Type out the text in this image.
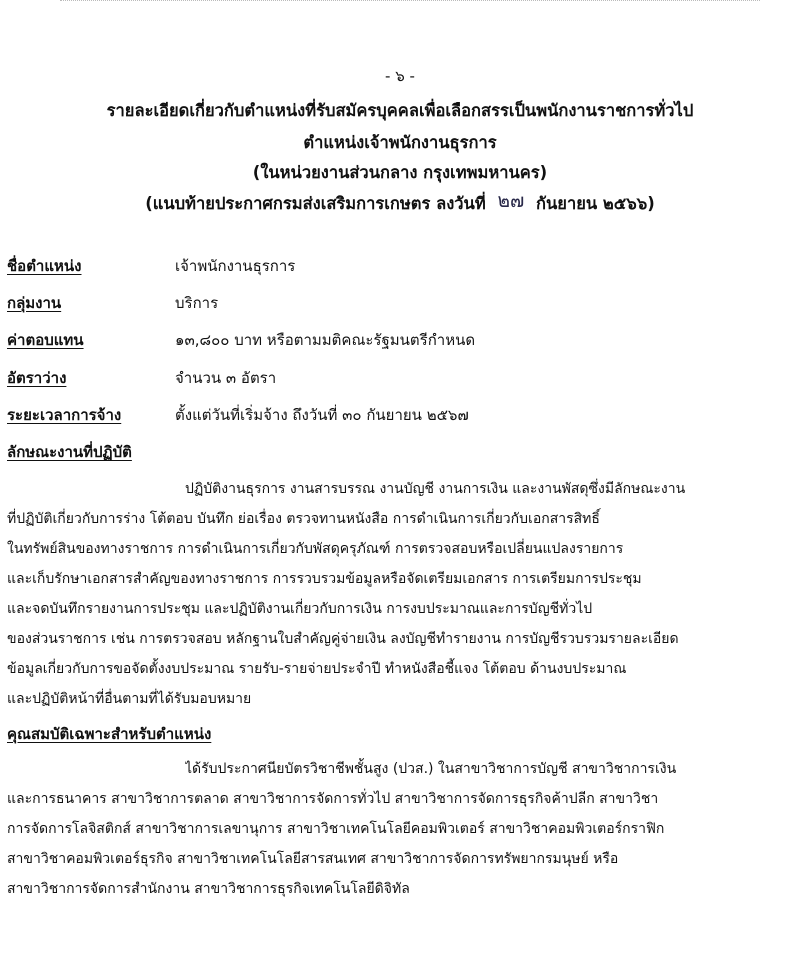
- ๖ -
รายละเอียดเกี่ยวกับตำแหน่งที่รับสมัครบุคคลเพื่อเลือกสรรเป็นพนักงานราชการทั่วไป
ตำแหน่งเจ้าพนักงานธุรการ
(ในหน่วยงานส่วนกลาง กรุงเทพมหานคร)
(แนบท้ายประกาศกรมส่งเสริมการเกษตร ลงวันที่ ๒๗ กันยายน ๒๕๖๖)
ชื่อตำแหน่ง	เจ้าพนักงานธุรการ
กลุ่มงาน	บริการ
ค่าตอบแทน	๑๓,๘๐๐ บาท หรือตามมติคณะรัฐมนตรีกำหนด
อัตราว่าง	จำนวน ๓ อัตรา
ระยะเวลาการจ้าง	ตั้งแต่วันที่เริ่มจ้าง ถึงวันที่ ๓๐ กันยายน ๒๕๖๗
ลักษณะงานที่ปฏิบัติ
ปฏิบัติงานธุรการ งานสารบรรณ งานบัญชี งานการเงิน และงานพัสดุซึ่งมีลักษณะงาน
ที่ปฏิบัติเกี่ยวกับการร่าง โต้ตอบ บันทึก ย่อเรื่อง ตรวจทานหนังสือ การดำเนินการเกี่ยวกับเอกสารสิทธิ์
ในทรัพย์สินของทางราชการ การดำเนินการเกี่ยวกับพัสดุครุภัณฑ์ การตรวจสอบหรือเปลี่ยนแปลงรายการ
และเก็บรักษาเอกสารสำคัญของทางราชการ การรวบรวมข้อมูลหรือจัดเตรียมเอกสาร การเตรียมการประชุม
และจดบันทึกรายงานการประชุม และปฏิบัติงานเกี่ยวกับการเงิน การงบประมาณและการบัญชีทั่วไป
ของส่วนราชการ เช่น การตรวจสอบ หลักฐานใบสำคัญคู่จ่ายเงิน ลงบัญชีทำรายงาน การบัญชีรวบรวมรายละเอียด
ข้อมูลเกี่ยวกับการขอจัดตั้งงบประมาณ รายรับ-รายจ่ายประจำปี ทำหนังสือชี้แจง โต้ตอบ ด้านงบประมาณ
และปฏิบัติหน้าที่อื่นตามที่ได้รับมอบหมาย
คุณสมบัติเฉพาะสำหรับตำแหน่ง
ได้รับประกาศนียบัตรวิชาชีพชั้นสูง (ปวส.) ในสาขาวิชาการบัญชี สาขาวิชาการเงิน
และการธนาคาร สาขาวิชาการตลาด สาขาวิชาการจัดการทั่วไป สาขาวิชาการจัดการธุรกิจค้าปลีก สาขาวิชา
การจัดการโลจิสติกส์ สาขาวิชาการเลขานุการ สาขาวิชาเทคโนโลยีคอมพิวเตอร์ สาขาวิชาคอมพิวเตอร์กราฟิก
สาขาวิชาคอมพิวเตอร์ธุรกิจ สาขาวิชาเทคโนโลยีสารสนเทศ สาขาวิชาการจัดการทรัพยากรมนุษย์ หรือ
สาขาวิชาการจัดการสำนักงาน สาขาวิชาการธุรกิจเทคโนโลยีดิจิทัล
